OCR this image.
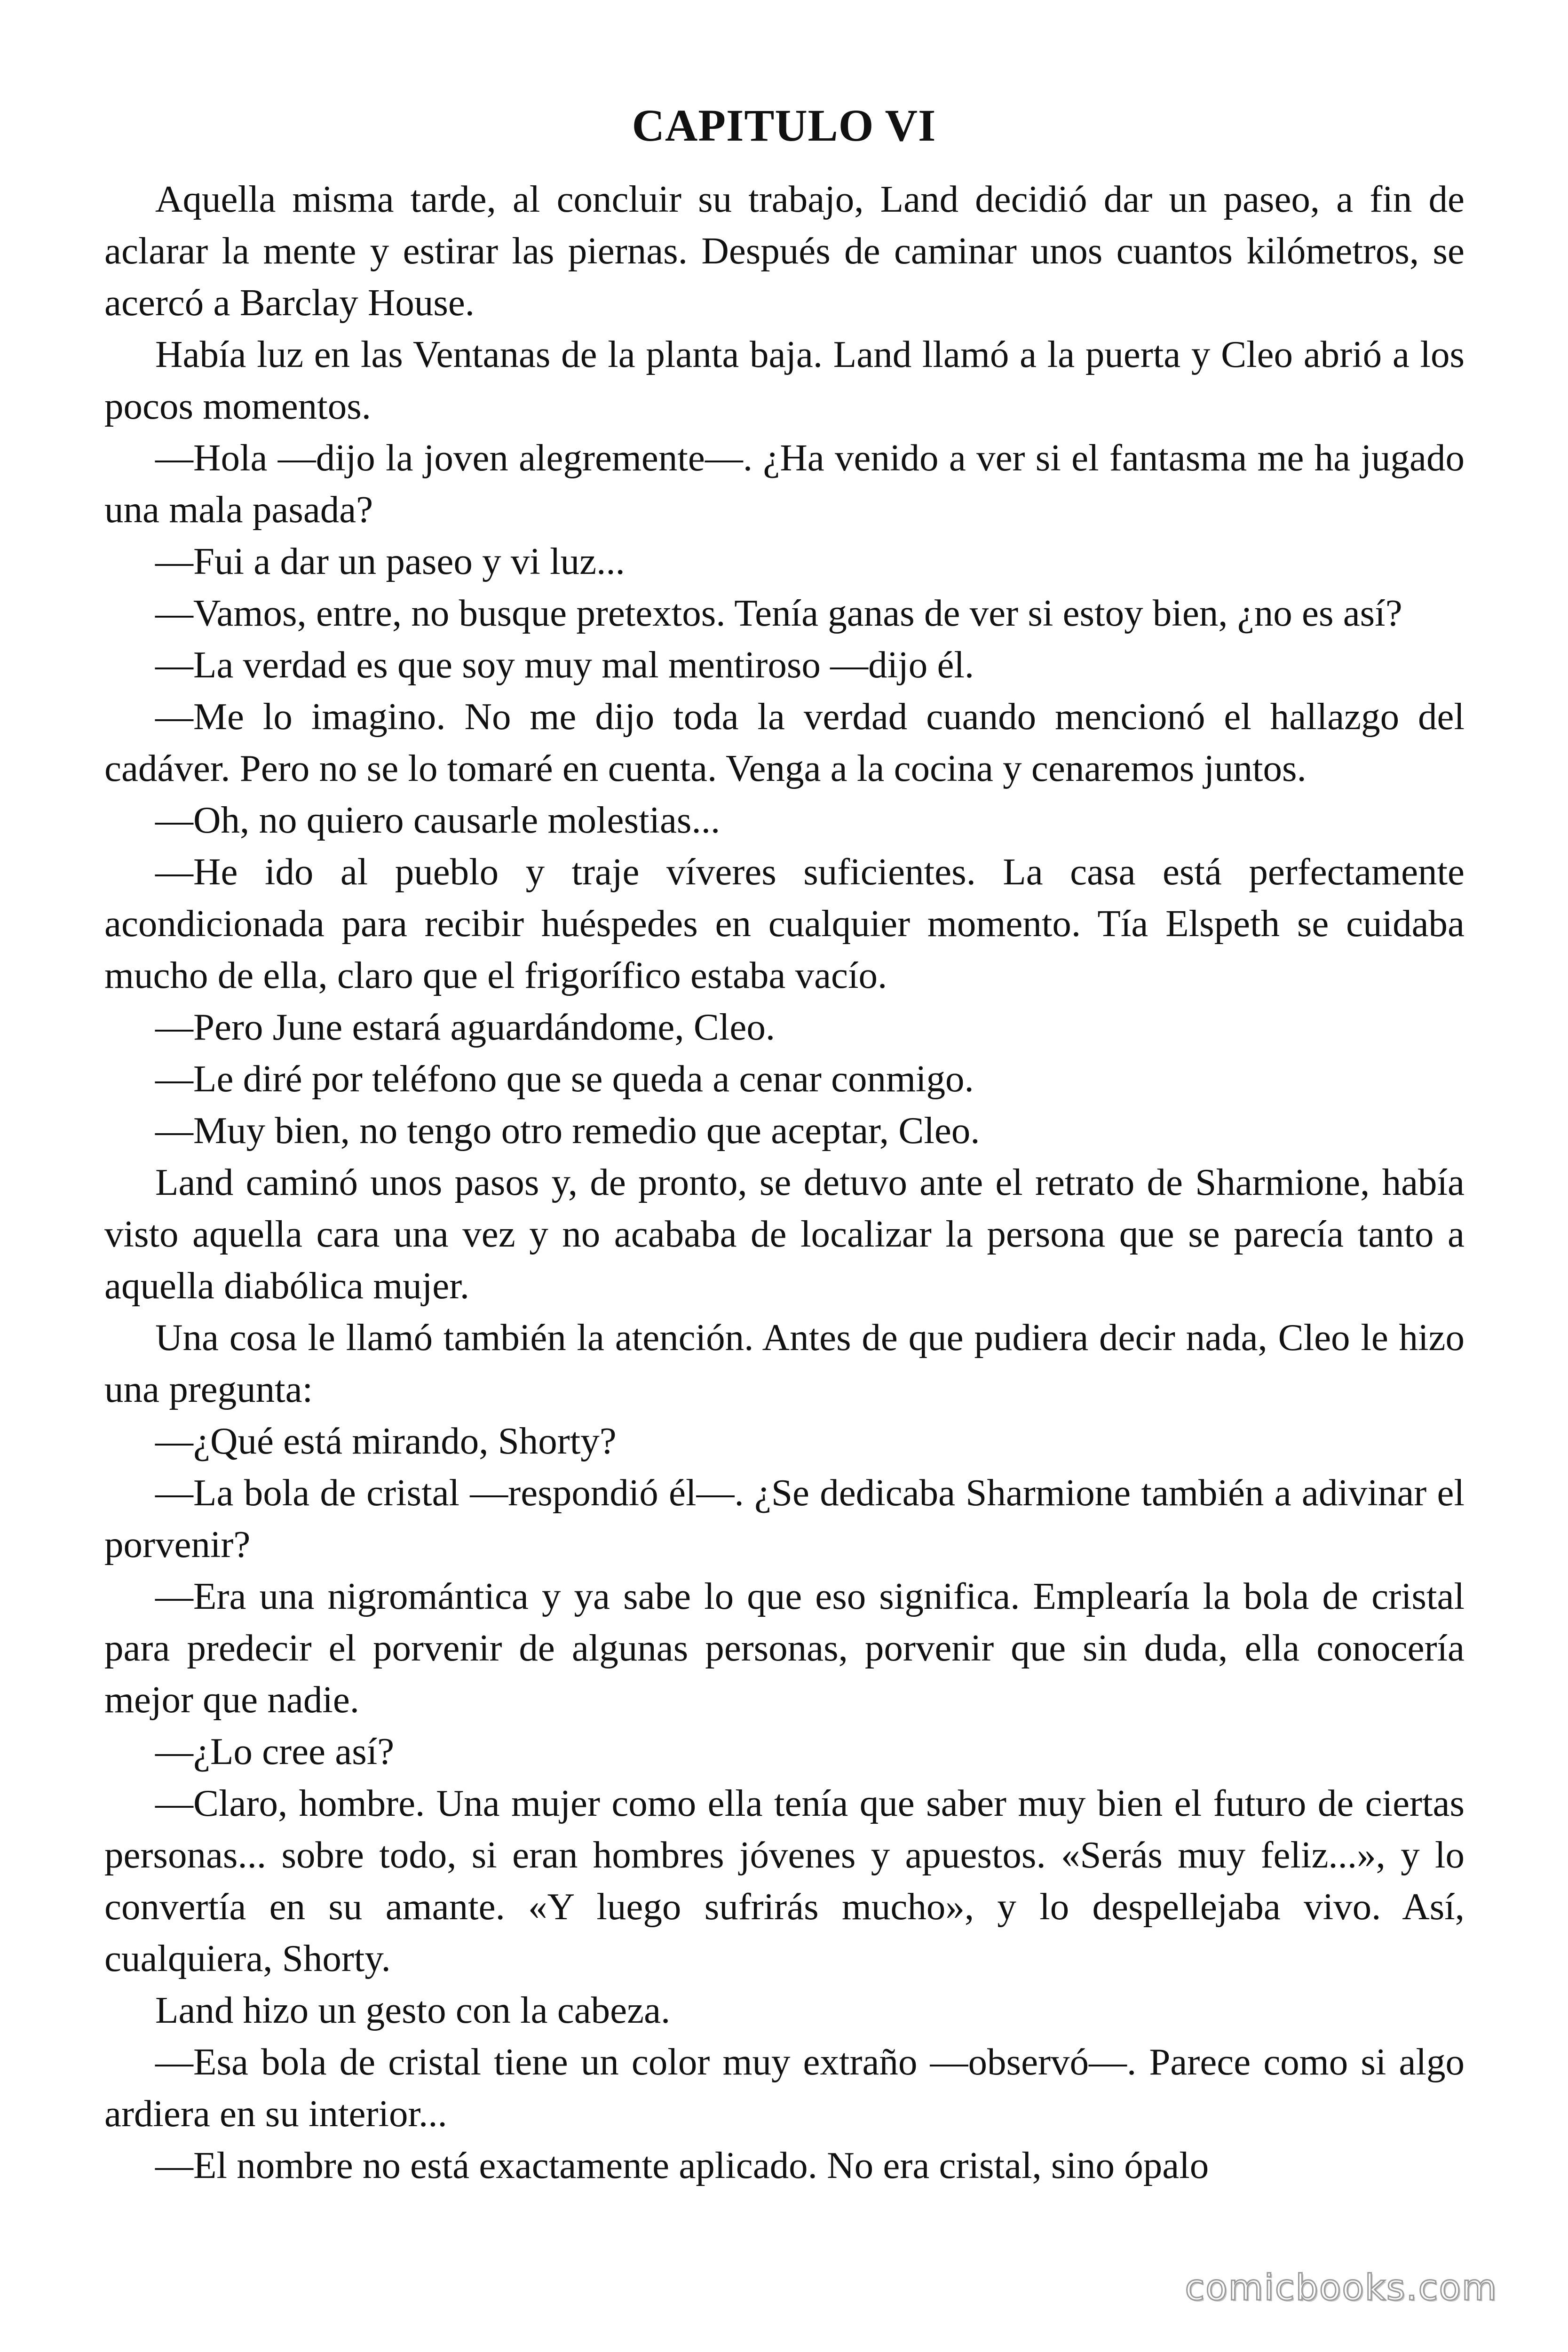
CAPITULO VI

Aquella misma tarde, al concluir su trabajo, Land decidió dar un paseo, a fin de aclarar la mente y estirar las piernas. Después de caminar unos cuantos kilómetros, se acercó a Barclay House.

Había luz en las Ventanas de la planta baja. Land llamó a la puerta y Cleo abrió a los pocos momentos.

—Hola —dijo la joven alegremente—. ¿Ha venido a ver si el fantasma me ha jugado una mala pasada?

—Fui a dar un paseo y vi luz...

—Vamos, entre, no busque pretextos. Tenía ganas de ver si estoy bien, ¿no es así?

—La verdad es que soy muy mal mentiroso —dijo él.

—Me lo imagino. No me dijo toda la verdad cuando mencionó el hallazgo del cadáver. Pero no se lo tomaré en cuenta. Venga a la cocina y cenaremos juntos.

—Oh, no quiero causarle molestias...

—He ido al pueblo y traje víveres suficientes. La casa está perfectamente acondicionada para recibir huéspedes en cualquier momento. Tía Elspeth se cuidaba mucho de ella, claro que el frigorífico estaba vacío.

—Pero June estará aguardándome, Cleo.

—Le diré por teléfono que se queda a cenar conmigo.

—Muy bien, no tengo otro remedio que aceptar, Cleo.

Land caminó unos pasos y, de pronto, se detuvo ante el retrato de Sharmione, había visto aquella cara una vez y no acababa de localizar la persona que se parecía tanto a aquella diabólica mujer.

Una cosa le llamó también la atención. Antes de que pudiera decir nada, Cleo le hizo una pregunta:

—¿Qué está mirando, Shorty?

—La bola de cristal —respondió él—. ¿Se dedicaba Sharmione también a adivinar el porvenir?

—Era una nigromántica y ya sabe lo que eso significa. Emplearía la bola de cristal para predecir el porvenir de algunas personas, porvenir que sin duda, ella conocería mejor que nadie.

—¿Lo cree así?

—Claro, hombre. Una mujer como ella tenía que saber muy bien el futuro de ciertas personas... sobre todo, si eran hombres jóvenes y apuestos. «Serás muy feliz...», y lo convertía en su amante. «Y luego sufrirás mucho», y lo despellejaba vivo. Así, cualquiera, Shorty.

Land hizo un gesto con la cabeza.

—Esa bola de cristal tiene un color muy extraño —observó—. Parece como si algo ardiera en su interior...

—El nombre no está exactamente aplicado. No era cristal, sino ópalo

comicbooks.com
